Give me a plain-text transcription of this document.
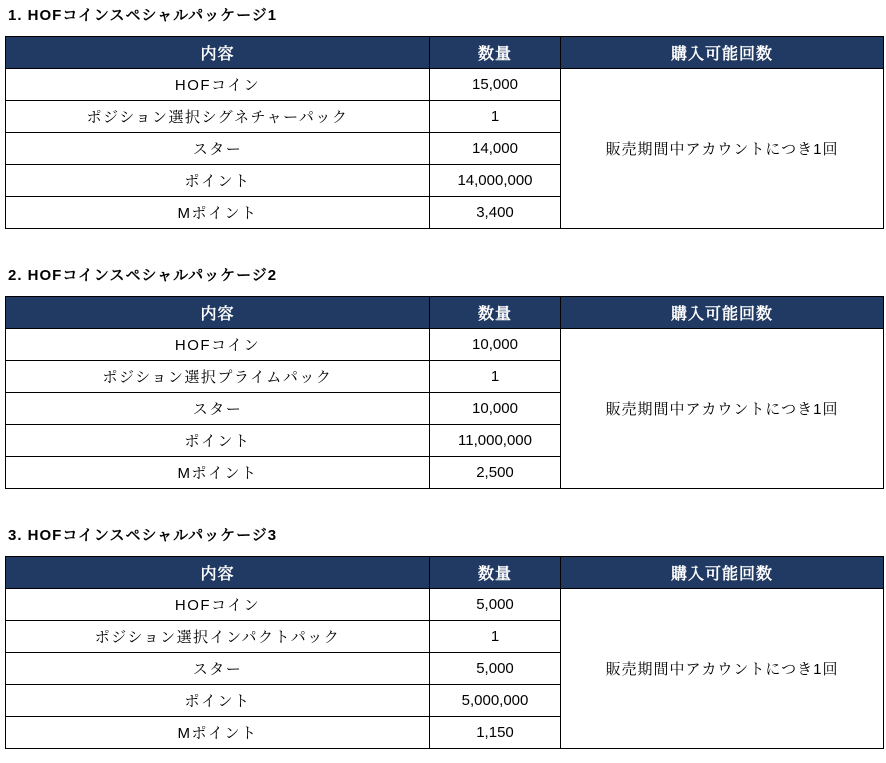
1. HOFコインスペシャルパッケージ1
内容	数量	購入可能回数
HOFコイン	15,000	販売期間中アカウントにつき1回
ポジション選択シグネチャーパック	1	
スター	14,000	
ポイント	14,000,000	
Mポイント	3,400	
2. HOFコインスペシャルパッケージ2
内容	数量	購入可能回数
HOFコイン	10,000	販売期間中アカウントにつき1回
ポジション選択プライムパック	1	
スター	10,000	
ポイント	11,000,000	
Mポイント	2,500	
3. HOFコインスペシャルパッケージ3
内容	数量	購入可能回数
HOFコイン	5,000	販売期間中アカウントにつき1回
ポジション選択インパクトパック	1	
スター	5,000	
ポイント	5,000,000	
Mポイント	1,150	
